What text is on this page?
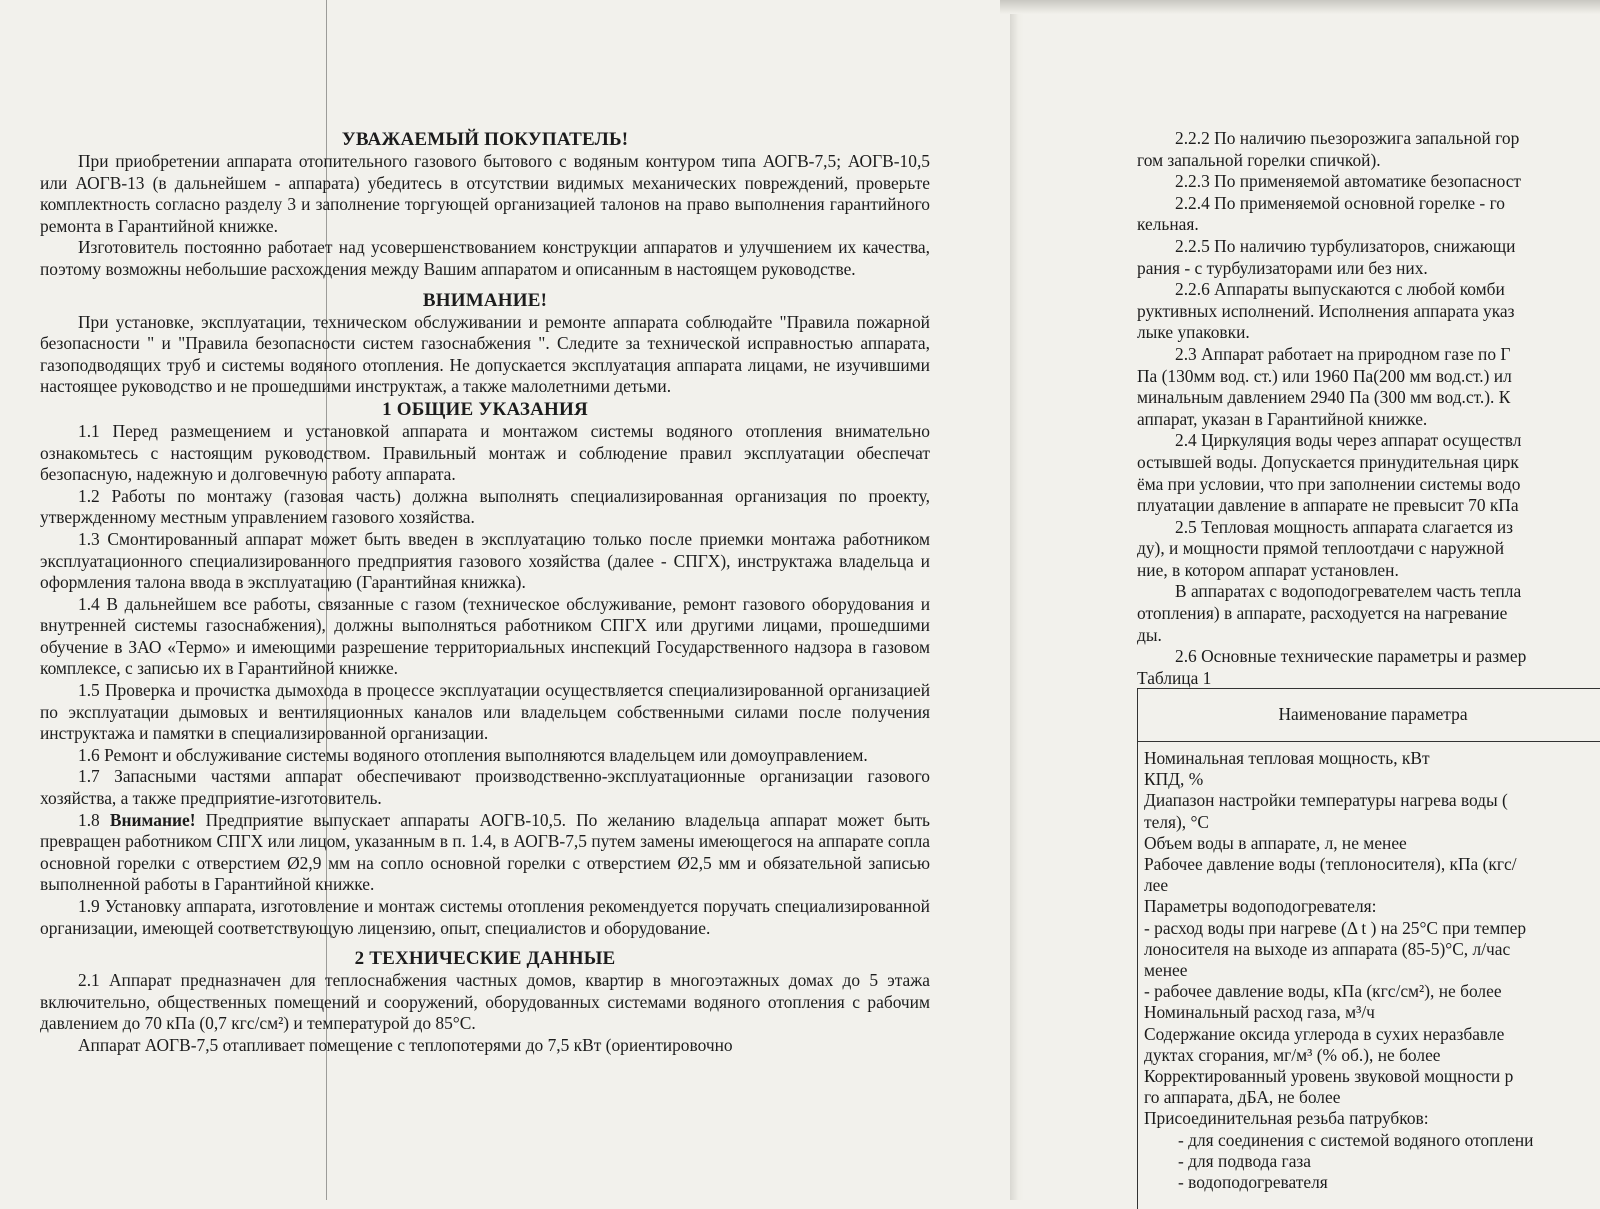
УВАЖАЕМЫЙ ПОКУПАТЕЛЬ!

При приобретении аппарата отопительного газового бытового с водяным контуром типа АОГВ-7,5; АОГВ-10,5 или АОГВ-13 (в дальнейшем - аппарата) убедитесь в отсутствии видимых механических повреждений, проверьте комплектность согласно разделу 3 и заполнение торгующей организацией талонов на право выполнения гарантийного ремонта в Гарантийной книжке.

Изготовитель постоянно работает над усовершенствованием конструкции аппаратов и улучшением их качества, поэтому возможны небольшие расхождения между Вашим аппаратом и описанным в настоящем руководстве.

ВНИМАНИЕ!

При установке, эксплуатации, техническом обслуживании и ремонте аппарата соблюдайте "Правила пожарной безопасности " и "Правила безопасности систем газоснабжения ". Следите за технической исправностью аппарата, газоподводящих труб и системы водяного отопления. Не допускается эксплуатация аппарата лицами, не изучившими настоящее руководство и не прошедшими инструктаж, а также малолетними детьми.

1 ОБЩИЕ УКАЗАНИЯ

1.1 Перед размещением и установкой аппарата и монтажом системы водяного отопления внимательно ознакомьтесь с настоящим руководством. Правильный монтаж и соблюдение правил эксплуатации обеспечат безопасную, надежную и долговечную работу аппарата.

1.2 Работы по монтажу (газовая часть) должна выполнять специализированная организация по проекту, утвержденному местным управлением газового хозяйства.

1.3 Смонтированный аппарат может быть введен в эксплуатацию только после приемки монтажа работником эксплуатационного специализированного предприятия газового хозяйства (далее - СПГХ), инструктажа владельца и оформления талона ввода в эксплуатацию (Гарантийная книжка).

1.4 В дальнейшем все работы, связанные с газом (техническое обслуживание, ремонт газового оборудования и внутренней системы газоснабжения), должны выполняться работником СПГХ или другими лицами, прошедшими обучение в ЗАО «Термо» и имеющими разрешение территориальных инспекций Государственного надзора в газовом комплексе, с записью их в Гарантийной книжке.

1.5 Проверка и прочистка дымохода в процессе эксплуатации осуществляется специализированной организацией по эксплуатации дымовых и вентиляционных каналов или владельцем собственными силами после получения инструктажа и памятки в специализированной организации.

1.6 Ремонт и обслуживание системы водяного отопления выполняются владельцем или домоуправлением.

1.7 Запасными частями аппарат обеспечивают производственно-эксплуатационные организации газового хозяйства, а также предприятие-изготовитель.

1.8 Внимание! Предприятие выпускает аппараты АОГВ-10,5. По желанию владельца аппарат может быть превращен работником СПГХ или лицом, указанным в п. 1.4, в АОГВ-7,5 путем замены имеющегося на аппарате сопла основной горелки с отверстием Ø2,9 мм на сопло основной горелки с отверстием Ø2,5 мм и обязательной записью выполненной работы в Гарантийной книжке.

1.9 Установку аппарата, изготовление и монтаж системы отопления рекомендуется поручать специализированной организации, имеющей соответствующую лицензию, опыт, специалистов и оборудование.

2 ТЕХНИЧЕСКИЕ ДАННЫЕ

2.1 Аппарат предназначен для теплоснабжения частных домов, квартир в многоэтажных домах до 5 этажа включительно, общественных помещений и сооружений, оборудованных системами водяного отопления с рабочим давлением до 70 кПа (0,7 кгс/см²) и температурой до 85°С.

Аппарат АОГВ-7,5 отапливает помещение с теплопотерями до 7,5 кВт (ориентировочно

2.2.2 По наличию пьезорозжига запальной гор

гом запальной горелки спичкой).

2.2.3 По применяемой автоматике безопасност

2.2.4 По применяемой основной горелке - го

кельная.

2.2.5 По наличию турбулизаторов, снижающи

рания - с турбулизаторами или без них.

2.2.6 Аппараты выпускаются с любой комби

руктивных исполнений. Исполнения аппарата указ

лыке упаковки.

2.3 Аппарат работает на природном газе по Г

Па (130мм вод. ст.) или 1960 Па(200 мм вод.ст.) ил

минальным давлением 2940 Па (300 мм вод.ст.). К

аппарат, указан в Гарантийной книжке.

2.4 Циркуляция воды через аппарат осуществл

остывшей воды. Допускается принудительная цирк

ёма при условии, что при заполнении системы водо

плуатации давление в аппарате не превысит 70 кПа

2.5 Тепловая мощность аппарата слагается из

ду), и мощности прямой теплоотдачи с наружной

ние, в котором аппарат установлен.

В аппаратах с водоподогревателем часть тепла

отопления) в аппарате, расходуется на нагревание

ды.

2.6 Основные технические параметры и размер

Таблица 1

Наименование параметра
Номинальная тепловая мощность, кВт
КПД, %
Диапазон настройки температуры нагрева воды (
теля), °С
Объем воды в аппарате, л, не менее
Рабочее давление воды (теплоносителя), кПа (кгс/
лее
Параметры водоподогревателя:
- расход воды при нагреве (Δ t ) на 25°С при темпер
лоносителя на выходе из аппарата (85-5)°С, л/час
менее
- рабочее давление воды, кПа (кгс/см²), не более
Номинальный расход газа, м³/ч
Содержание оксида углерода в сухих неразбавле
дуктах сгорания, мг/м³ (% об.), не более
Корректированный уровень звуковой мощности р
го аппарата, дБА, не более
Присоединительная резьба патрубков:
- для соединения с системой водяного отоплени
- для подвода газа
- водоподогревателя
